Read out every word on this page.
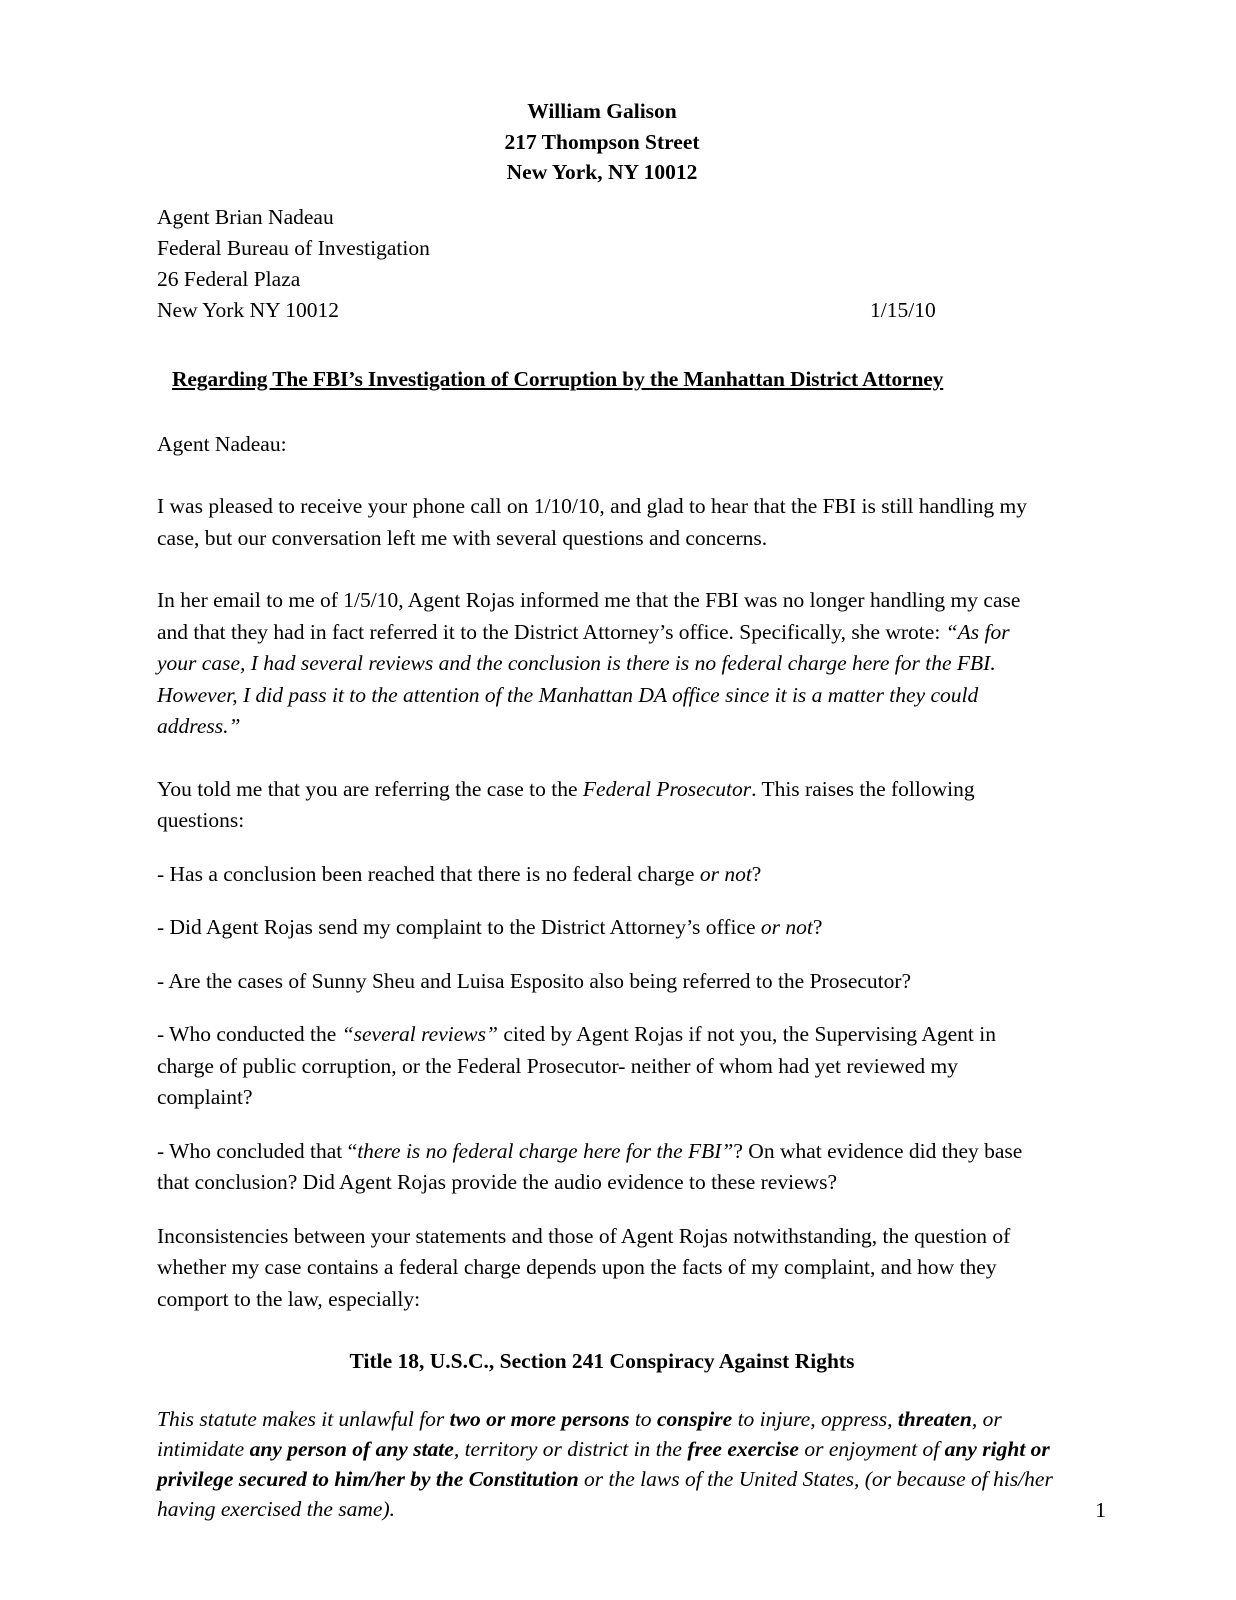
William Galison
217 Thompson Street
New York, NY 10012
Agent Brian Nadeau
Federal Bureau of Investigation
26 Federal Plaza
New York NY 10012	1/15/10
Regarding The FBI’s Investigation of Corruption by the Manhattan District Attorney

Agent Nadeau:

I was pleased to receive your phone call on 1/10/10, and glad to hear that the FBI is still handling my case, but our conversation left me with several questions and concerns.

In her email to me of 1/5/10, Agent Rojas informed me that the FBI was no longer handling my case and that they had in fact referred it to the District Attorney’s office. Specifically, she wrote: “As for your case, I had several reviews and the conclusion is there is no federal charge here for the FBI. However, I did pass it to the attention of the Manhattan DA office since it is a matter they could address.”

You told me that you are referring the case to the Federal Prosecutor. This raises the following questions:

- Has a conclusion been reached that there is no federal charge or not?

- Did Agent Rojas send my complaint to the District Attorney’s office or not?

- Are the cases of Sunny Sheu and Luisa Esposito also being referred to the Prosecutor?

- Who conducted the “several reviews” cited by Agent Rojas if not you, the Supervising Agent in charge of public corruption, or the Federal Prosecutor- neither of whom had yet reviewed my complaint?

- Who concluded that “there is no federal charge here for the FBI”? On what evidence did they base that conclusion? Did Agent Rojas provide the audio evidence to these reviews?

Inconsistencies between your statements and those of Agent Rojas notwithstanding, the question of whether my case contains a federal charge depends upon the facts of my complaint, and how they comport to the law, especially:

Title 18, U.S.C., Section 241 Conspiracy Against Rights

This statute makes it unlawful for two or more persons to conspire to injure, oppress, threaten, or intimidate any person of any state, territory or district in the free exercise or enjoyment of any right or privilege secured to him/her by the Constitution or the laws of the United States, (or because of his/her having exercised the same).	1
